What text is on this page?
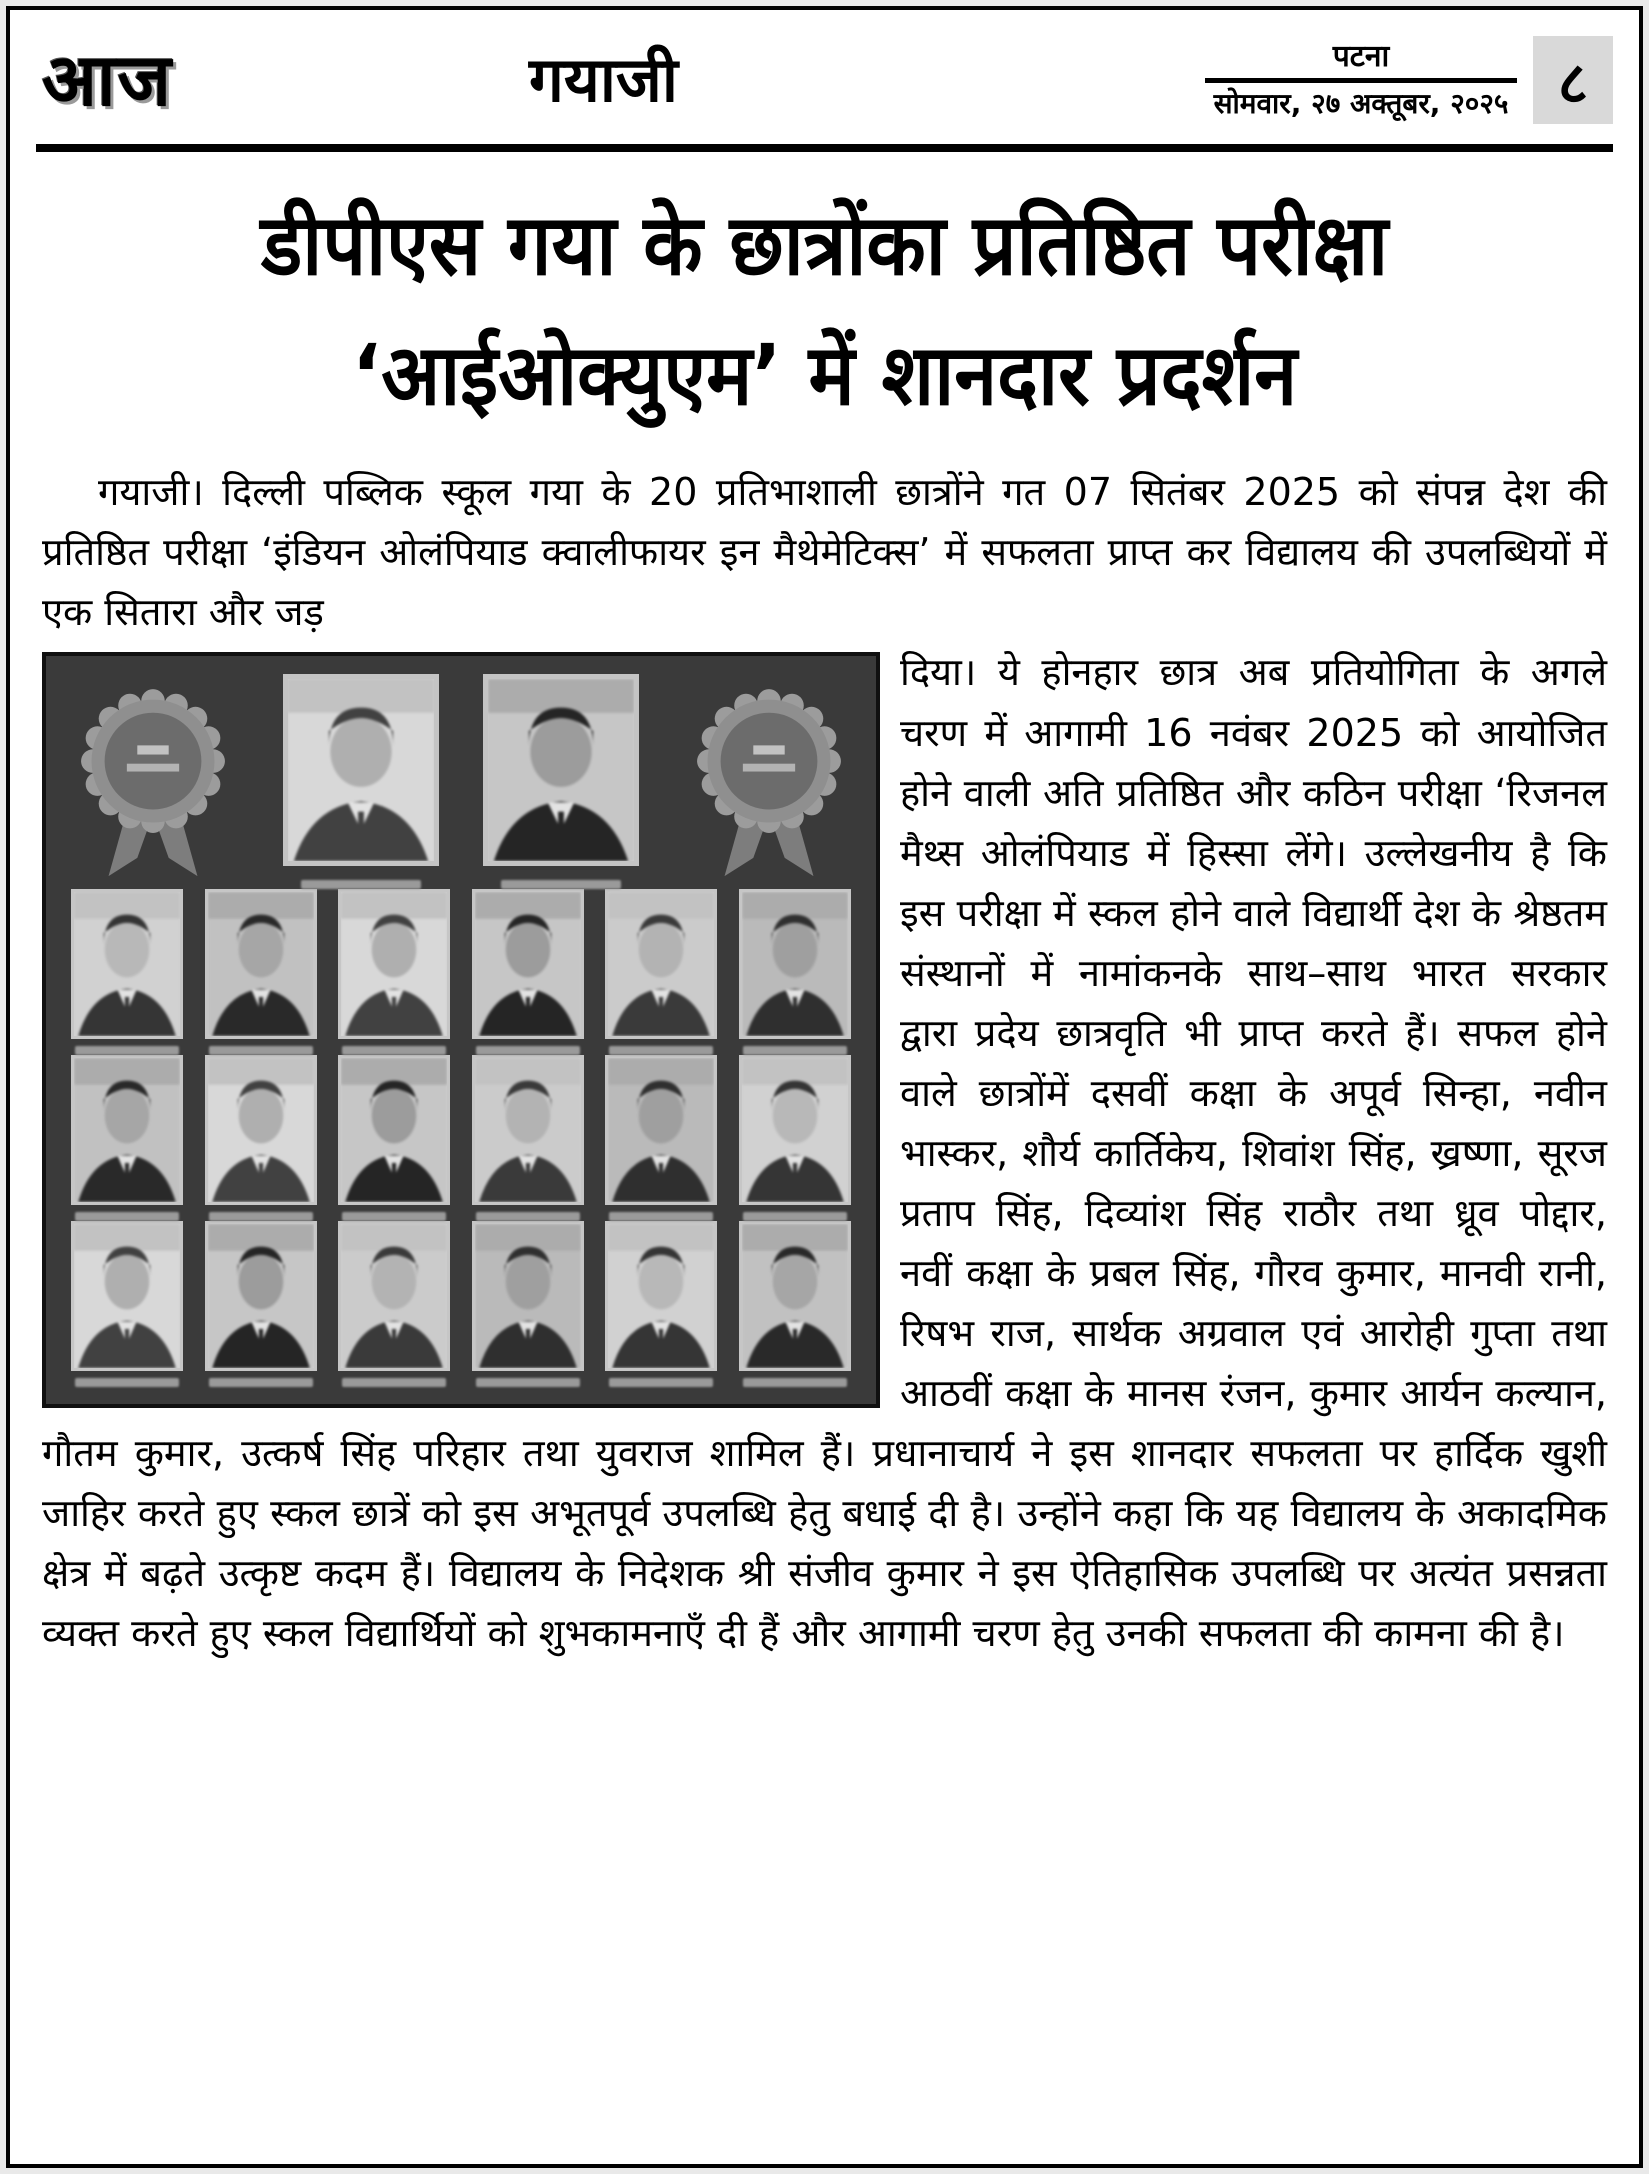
आज	गयाजी	पटना
सोमवार, २७ अक्तूबर, २०२५ ८
डीपीएस गया के छात्रोंका प्रतिष्ठित परीक्षा
‘आईओक्युएम’ में शानदार प्रदर्शन

गयाजी। दिल्ली पब्लिक स्कूल गया के 20 प्रतिभाशाली छात्रोंने गत 07 सितंबर 2025 को संपन्न देश की प्रतिष्ठित परीक्षा ‘इंडियन ओलंपियाड क्वालीफायर इन मैथेमेटिक्स’ में सफलता प्राप्त कर विद्यालय की उपलब्धियों में एक सितारा और जड़

दिया। ये होनहार छात्र अब प्रतियोगिता के अगले चरण में आगामी 16 नवंबर 2025 को आयोजित होने वाली अति प्रतिष्ठित और कठिन परीक्षा ‘रिजनल मैथ्स ओलंपियाड में हिस्सा लेंगे। उल्लेखनीय है कि इस परीक्षा में स्कल होने वाले विद्यार्थी देश के श्रेष्ठतम संस्थानों में नामांकनके साथ–साथ भारत सरकार द्वारा प्रदेय छात्रवृति भी प्राप्त करते हैं। सफल होने वाले छात्रोंमें दसवीं कक्षा के अपूर्व सिन्हा, नवीन भास्कर, शौर्य कार्तिकेय, शिवांश सिंह, ख्रष्णा, सूरज प्रताप सिंह, दिव्यांश सिंह राठौर तथा ध्रूव पोद्दार, नवीं कक्षा के प्रबल सिंह, गौरव कुमार, मानवी रानी, रिषभ राज, सार्थक अग्रवाल एवं आरोही गुप्ता तथा आठवीं कक्षा के मानस रंजन, कुमार आर्यन कल्यान, गौतम कुमार, उत्कर्ष सिंह परिहार तथा युवराज शामिल हैं। प्रधानाचार्य ने इस शानदार सफलता पर हार्दिक खुशी जाहिर करते हुए स्कल छात्रें को इस अभूतपूर्व उपलब्धि हेतु बधाई दी है। उन्होंने कहा कि यह विद्यालय के अकादमिक क्षेत्र में बढ़ते उत्कृष्ट कदम हैं। विद्यालय के निदेशक श्री संजीव कुमार ने इस ऐतिहासिक उपलब्धि पर अत्यंत प्रसन्नता व्यक्त करते हुए स्कल विद्यार्थियों को शुभकामनाएँ दी हैं और आगामी चरण हेतु उनकी सफलता की कामना की है।
